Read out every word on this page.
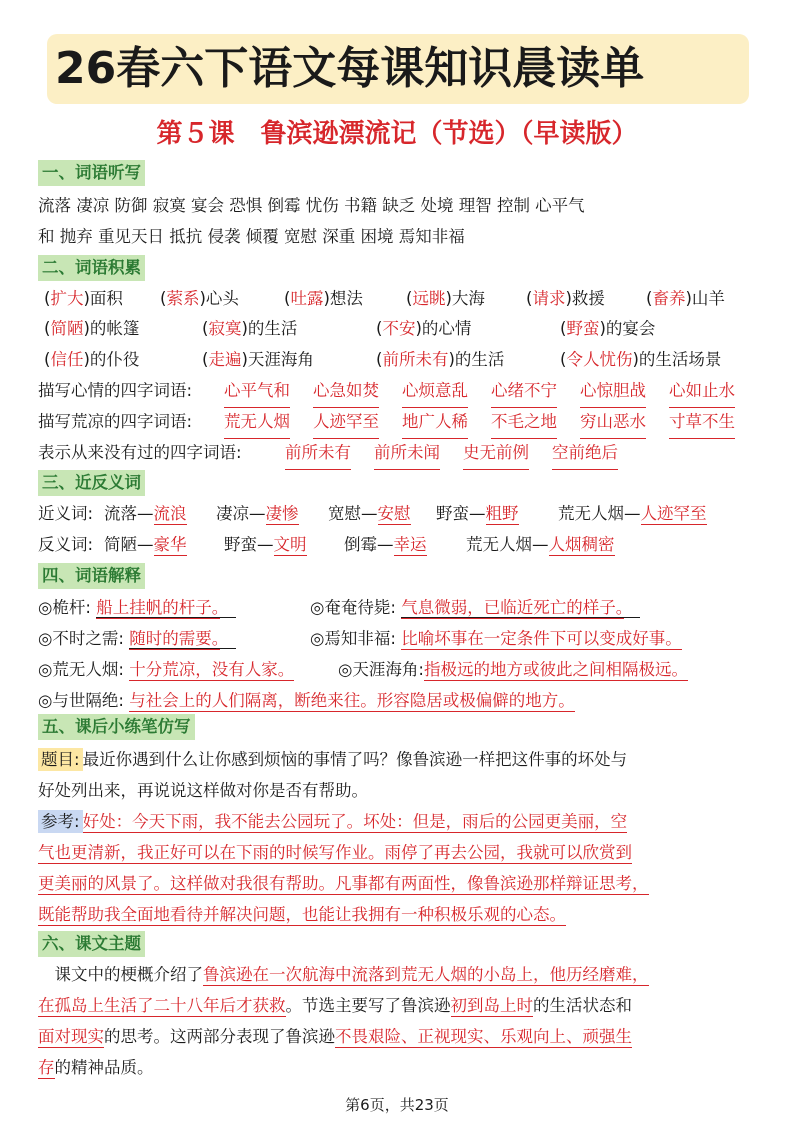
26春六下语文每课知识晨读单
第５课　鲁滨逊漂流记（节选）（早读版）
一、词语听写
流落 凄凉 防御 寂寞 宴会 恐惧 倒霉 忧伤 书籍 缺乏 处境 理智 控制 心平气
和 抛弃 重见天日 抵抗 侵袭 倾覆 宽慰 深重 困境 焉知非福
二、词语积累
(扩大)面积 (萦系)心头	(吐露)想法	(远眺)大海 (请求)救援 (畜养)山羊
(简陋)的帐篷	(寂寞)的生活	(不安)的心情	(野蛮)的宴会
(信任)的仆役	(走遍)天涯海角	(前所未有)的生活	(令人忧伤)的生活场景
描写心情的四字词语: 心平气和 心急如焚 心烦意乱 心绪不宁 心惊胆战 心如止水
描写荒凉的四字词语: 荒无人烟 人迹罕至 地广人稀 不毛之地 穷山恶水 寸草不生
表示从来没有过的四字词语:	前所未有 前所未闻 史无前例 空前绝后
三、近反义词
近义词: 流落—流浪 凄凉—凄惨 宽慰—安慰 野蛮—粗野 荒无人烟—人迹罕至
反义词: 简陋—豪华 野蛮—文明 倒霉—幸运 荒无人烟—人烟稠密
四、词语解释
◎桅杆: 船上挂帆的杆子。　	◎奄奄待毙: 气息微弱，已临近死亡的样子。　
◎不时之需: 随时的需要。　	◎焉知非福: 比喻坏事在一定条件下可以变成好事。
◎荒无人烟: 十分荒凉，没有人家。	◎天涯海角:指极远的地方或彼此之间相隔极远。
◎与世隔绝: 与社会上的人们隔离，断绝来往。形容隐居或极偏僻的地方。
五、课后小练笔仿写
题目: 最近你遇到什么让你感到烦恼的事情了吗？像鲁滨逊一样把这件事的坏处与
好处列出来，再说说这样做对你是否有帮助。
参考: 好处：今天下雨，我不能去公园玩了。坏处：但是，雨后的公园更美丽，空
气也更清新，我正好可以在下雨的时候写作业。雨停了再去公园，我就可以欣赏到
更美丽的风景了。这样做对我很有帮助。凡事都有两面性，像鲁滨逊那样辩证思考，
既能帮助我全面地看待并解决问题，也能让我拥有一种积极乐观的心态。
六、课文主题
　课文中的梗概介绍了鲁滨逊在一次航海中流落到荒无人烟的小岛上，他历经磨难，
在孤岛上生活了二十八年后才获救。节选主要写了鲁滨逊初到岛上时的生活状态和
面对现实的思考。这两部分表现了鲁滨逊不畏艰险、正视现实、乐观向上、顽强生
存的精神品质。
第6页，共23页
